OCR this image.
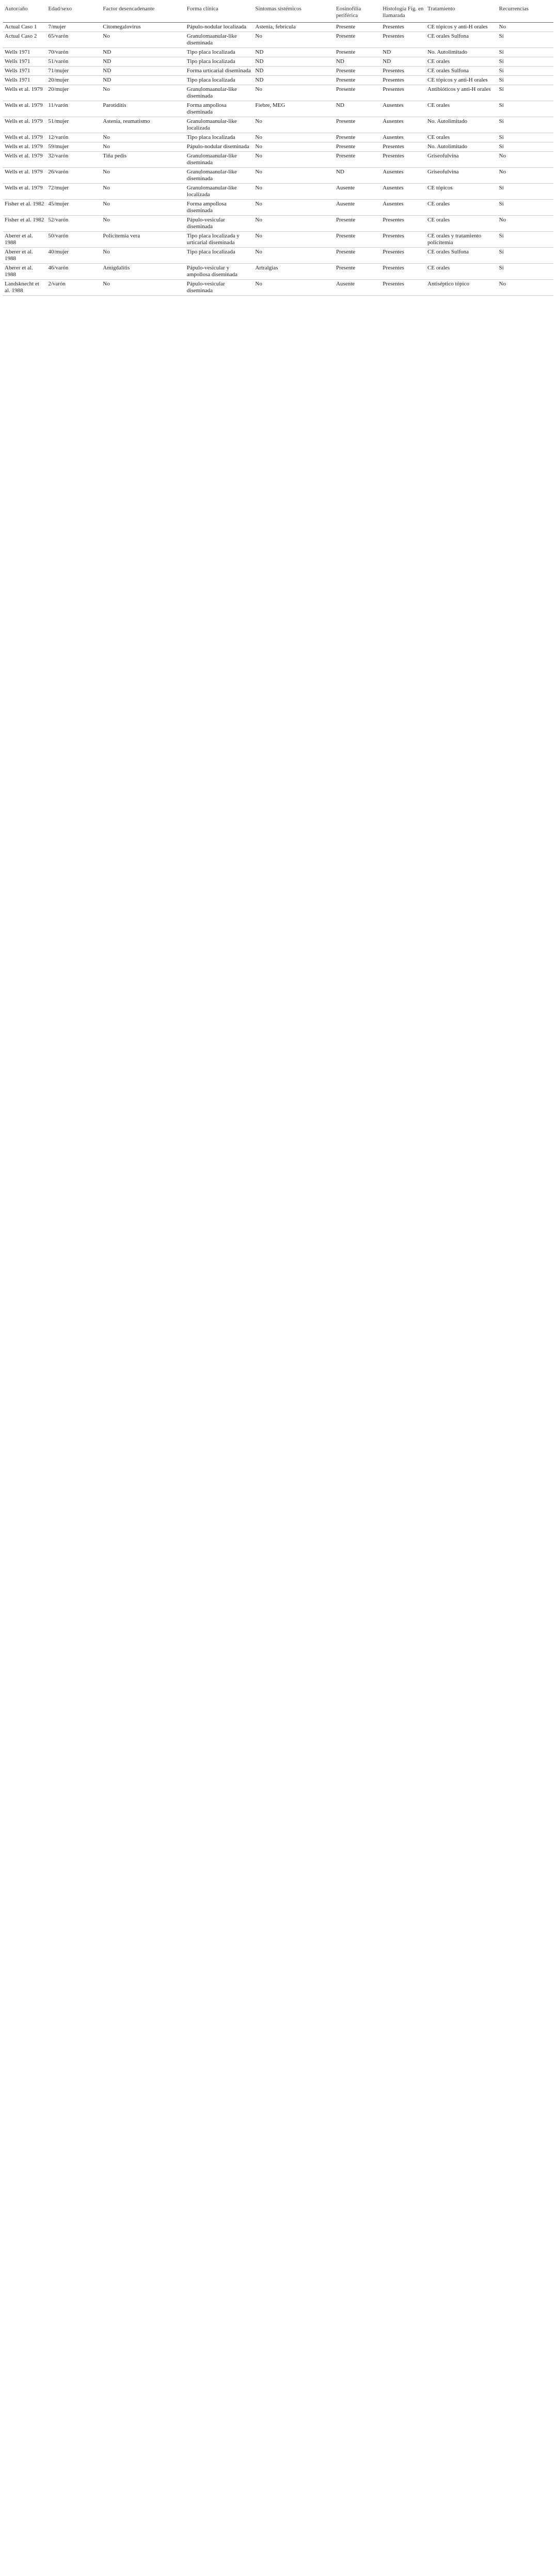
Autor/año	Edad/sexo	Factor desencadenante	Forma clínica	Síntomas sistémicos	Eosinofilia periférica	Histología Fig. en llamarada	Tratamiento	Recurrencias
Actual Caso 1	7/mujer	Citomegalovirus	Pápulo-nodular localizada	Astenia, febrícula	Presente	Presentes	CE tópicos y anti-H orales	No
Actual Caso 2	65/varón	No	Granulomaanular-like diseminada	No	Presente	Presentes	CE orales Sulfona	Sí
Wells 1971	70/varón	ND	Tipo placa localizada	ND	Presente	ND	No. Autolimitado	Sí
Wells 1971	51/varón	ND	Tipo placa localizada	ND	ND	ND	CE orales	Sí
Wells 1971	71/mujer	ND	Forma urticarial diseminada	ND	Presente	Presentes	CE orales Sulfona	Sí
Wells 1971	20/mujer	ND	Tipo placa localizada	ND	Presente	Presentes	CE tópicos y anti-H orales	Sí
Wells et al. 1979	20/mujer	No	Granulomaanular-like diseminada	No	Presente	Presentes	Antibióticos y anti-H orales	Sí
Wells et al. 1979	11/varón	Parotiditis	Forma ampollosa diseminada	Fiebre, MEG	ND	Ausentes	CE orales	Sí
Wells et al. 1979	51/mujer	Astenia, reumatismo	Granulomaanular-like localizada	No	Presente	Ausentes	No. Autolimitado	Sí
Wells et al. 1979	12/varón	No	Tipo placa localizada	No	Presente	Ausentes	CE orales	Sí
Wells et al. 1979	59/mujer	No	Pápulo-nodular diseminada	No	Presente	Presentes	No. Autolimitado	Sí
Wells et al. 1979	32/varón	Tiña pedis	Granulomaanular-like diseminada	No	Presente	Presentes	Griseofulvina	No
Wells et al. 1979	26/varón	No	Granulomaanular-like diseminada	No	ND	Ausentes	Griseofulvina	No
Wells et al. 1979	72/mujer	No	Granulomaanular-like localizada	No	Ausente	Ausentes	CE tópicos	Sí
Fisher et al. 1982	45/mujer	No	Forma ampollosa diseminada	No	Ausente	Ausentes	CE orales	Sí
Fisher et al. 1982	52/varón	No	Pápulo-vesicular diseminada	No	Presente	Presentes	CE orales	No
Aberer et al. 1988	50/varón	Policitemia vera	Tipo placa localizada y urticarial diseminada	No	Presente	Presentes	CE orales y tratamiento policitemia	Sí
Aberer et al. 1988	40/mujer	No	Tipo placa localizada	No	Presente	Presentes	CE orales Sulfona	Sí
Aberer et al. 1988	46/varón	Amigdalitis	Pápulo-vesicular y ampollosa diseminada	Artralgias	Presente	Presentes	CE orales	Sí
Landsknecht et al. 1988	2/varón	No	Pápulo-vesicular diseminada	No	Ausente	Presentes	Antiséptico tópico	No
